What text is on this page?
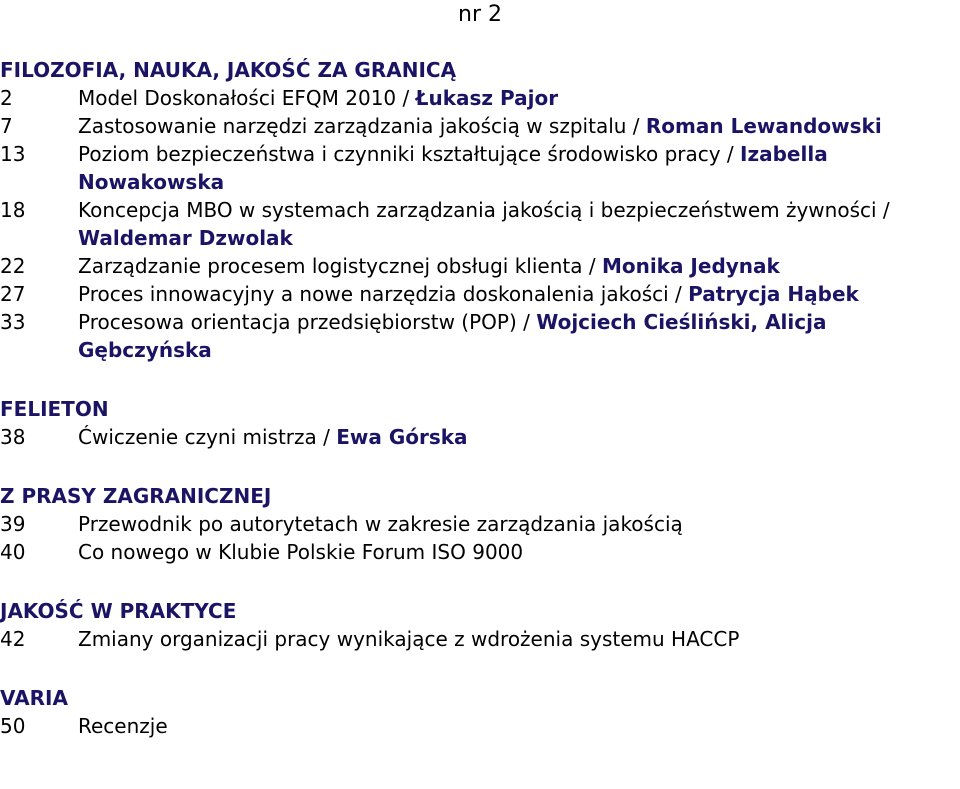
nr 2
FILOZOFIA, NAUKA, JAKOŚĆ ZA GRANICĄ
2	Model Doskonałości EFQM 2010 / Łukasz Pajor
7	Zastosowanie narzędzi zarządzania jakością w szpitalu / Roman Lewandowski
13	Poziom bezpieczeństwa i czynniki kształtujące środowisko pracy / Izabella Nowakowska
18	Koncepcja MBO w systemach zarządzania jakością i bezpieczeństwem żywności / Waldemar Dzwolak
22	Zarządzanie procesem logistycznej obsługi klienta / Monika Jedynak
27	Proces innowacyjny a nowe narzędzia doskonalenia jakości / Patrycja Hąbek
33	Procesowa orientacja przedsiębiorstw (POP) / Wojciech Cieśliński, Alicja Gębczyńska
FELIETON
38	Ćwiczenie czyni mistrza / Ewa Górska
Z PRASY ZAGRANICZNEJ
39	Przewodnik po autorytetach w zakresie zarządzania jakością
40	Co nowego w Klubie Polskie Forum ISO 9000
JAKOŚĆ W PRAKTYCE
42	Zmiany organizacji pracy wynikające z wdrożenia systemu HACCP
VARIA
50	Recenzje
